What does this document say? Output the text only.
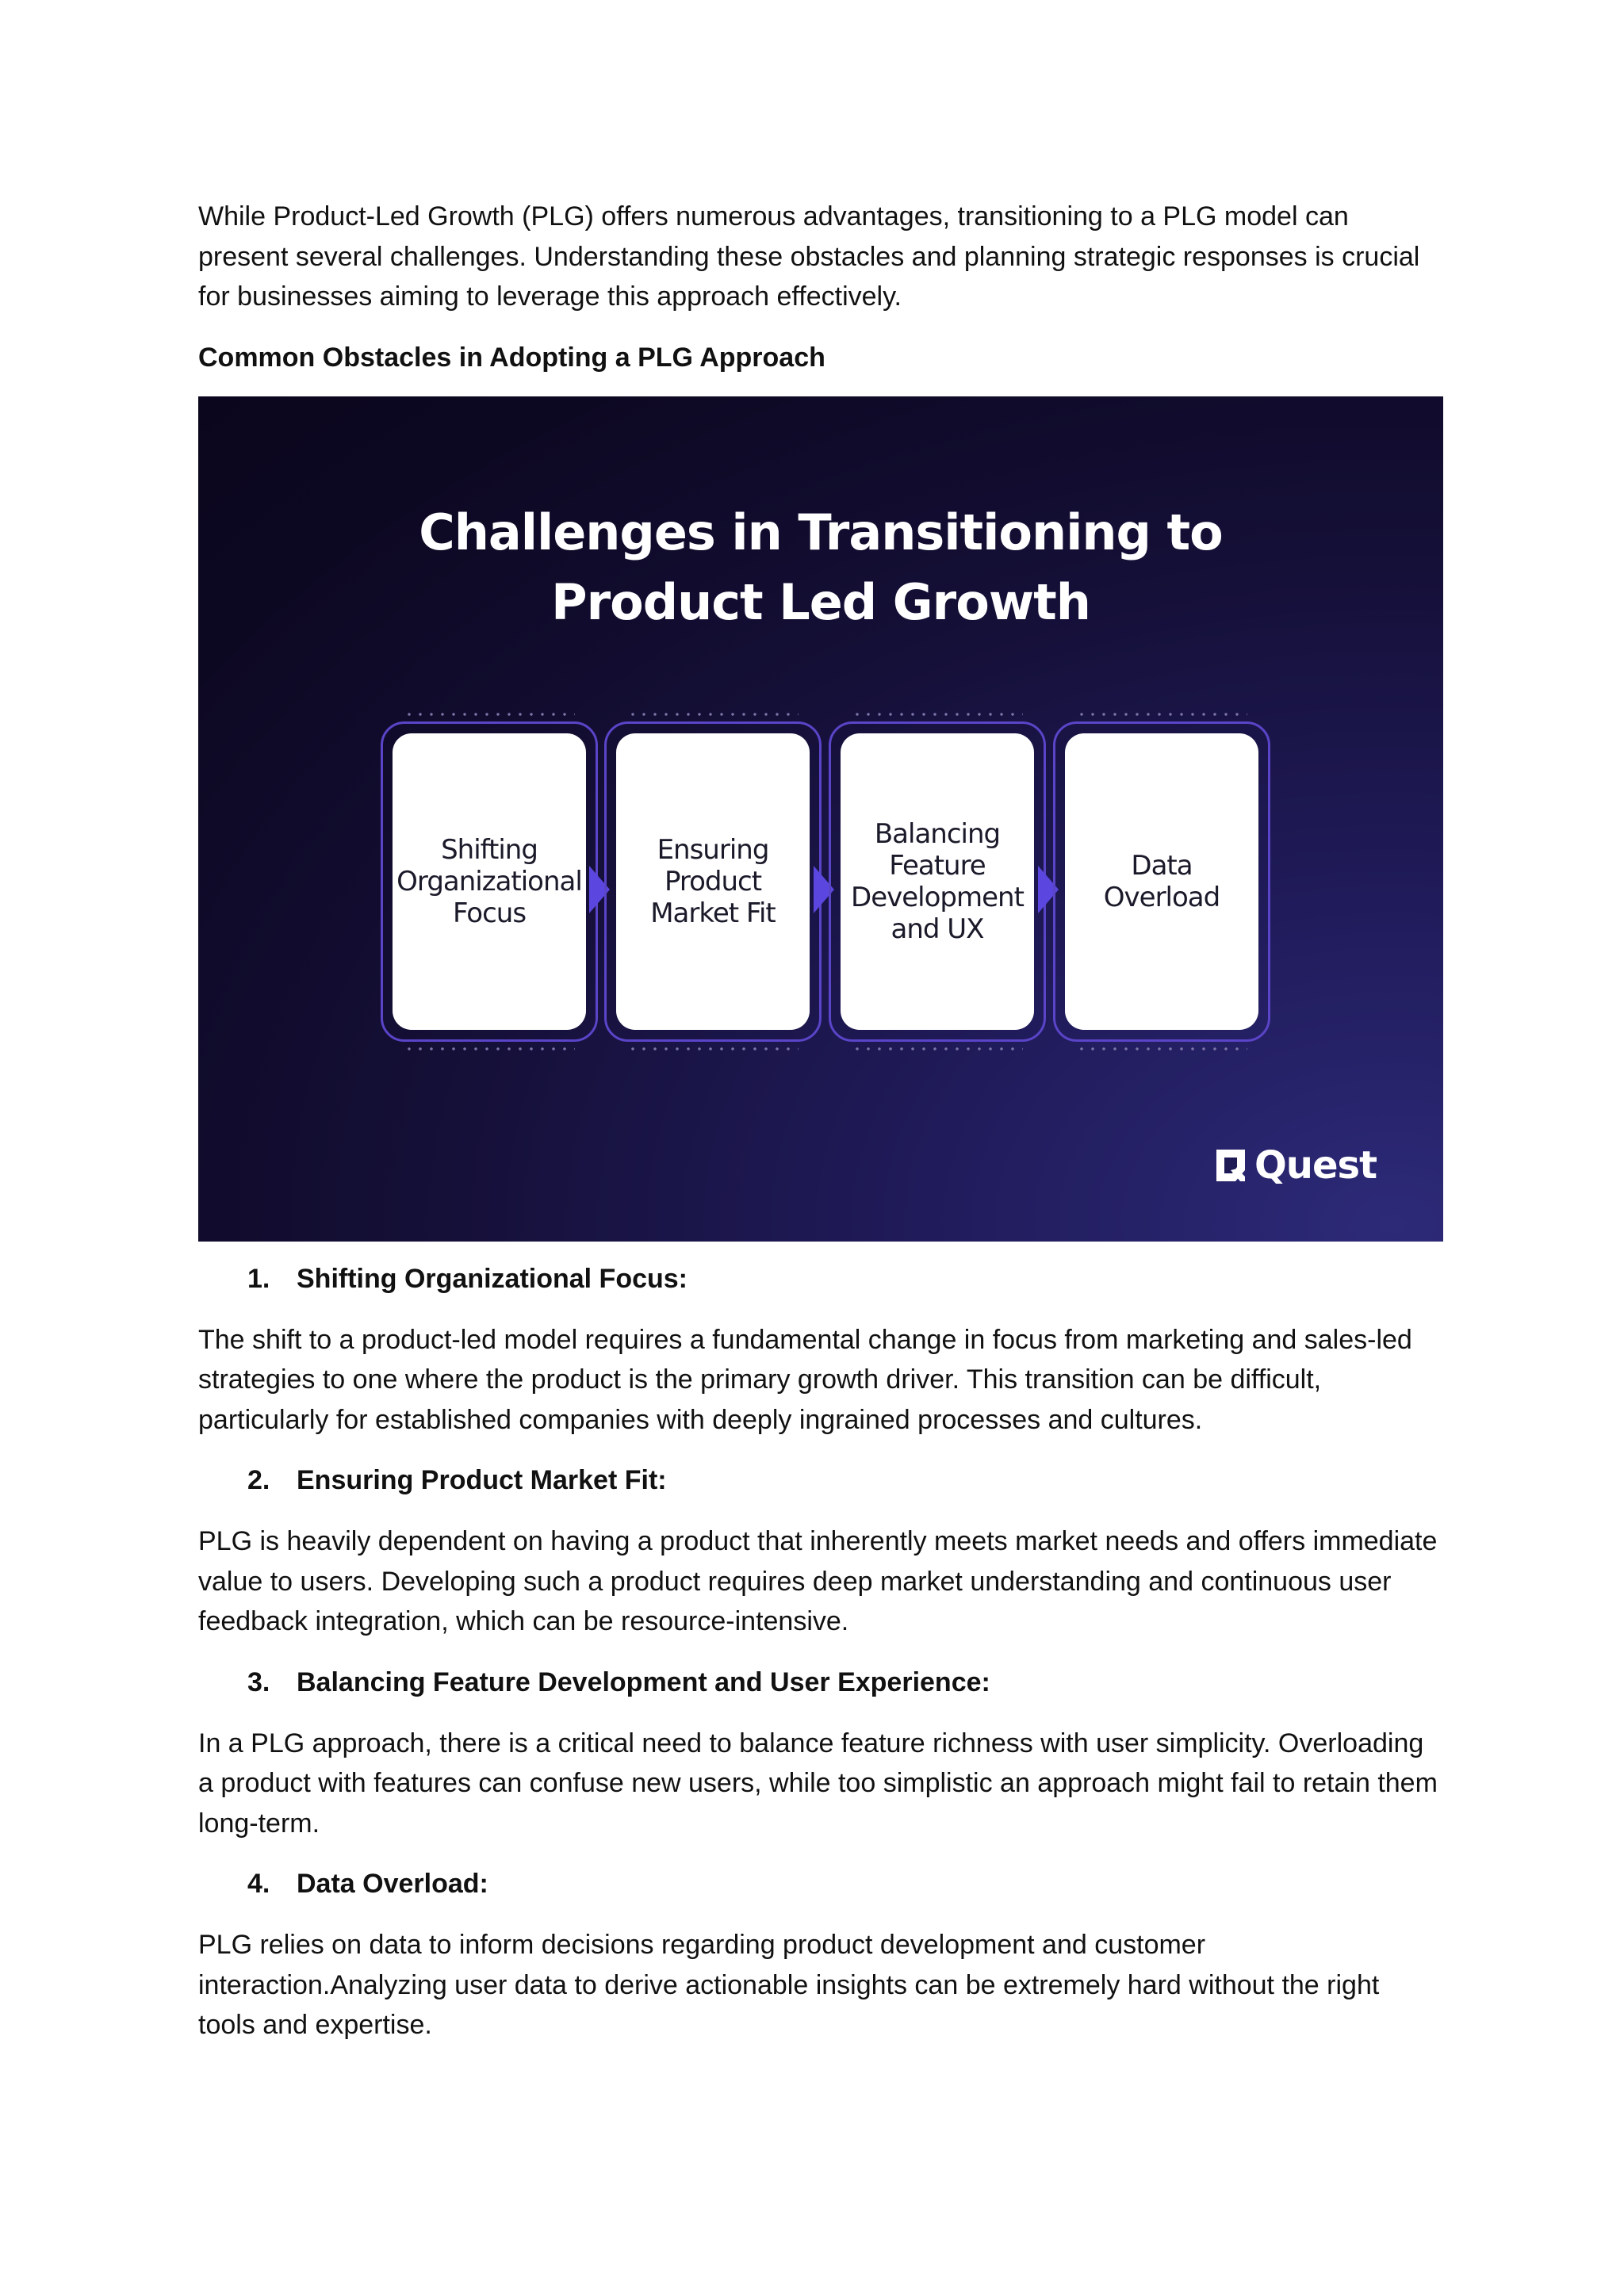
While Product-Led Growth (PLG) offers numerous advantages, transitioning to a PLG model can present several challenges. Understanding these obstacles and planning strategic responses is crucial for businesses aiming to leverage this approach effectively.

Common Obstacles in Adopting a PLG Approach

Challenges in Transitioning to
Product Led Growth
Shifting
Organizational
Focus
Ensuring
Product
Market Fit
Balancing
Feature
Development
and UX
Data
Overload
Quest
1. Shifting Organizational Focus:

The shift to a product-led model requires a fundamental change in focus from marketing and sales-led strategies to one where the product is the primary growth driver. This transition can be difficult, particularly for established companies with deeply ingrained processes and cultures.

2. Ensuring Product Market Fit:

PLG is heavily dependent on having a product that inherently meets market needs and offers immediate value to users. Developing such a product requires deep market understanding and continuous user feedback integration, which can be resource-intensive.

3. Balancing Feature Development and User Experience:

In a PLG approach, there is a critical need to balance feature richness with user simplicity. Overloading a product with features can confuse new users, while too simplistic an approach might fail to retain them long-term.

4. Data Overload:

PLG relies on data to inform decisions regarding product development and customer interaction.Analyzing user data to derive actionable insights can be extremely hard without the right tools and expertise.
